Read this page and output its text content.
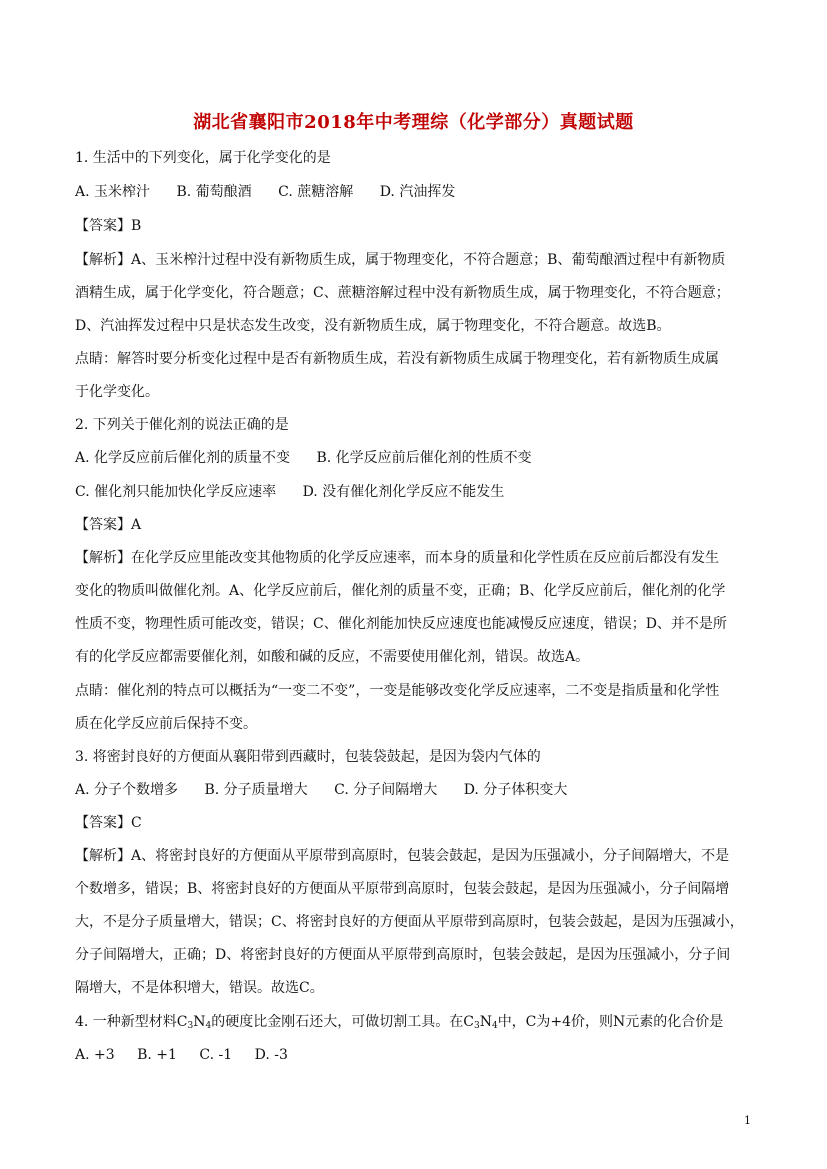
湖北省襄阳市2018年中考理综（化学部分）真题试题
1. 生活中的下列变化，属于化学变化的是
A. 玉米榨汁 B. 葡萄酿酒 C. 蔗糖溶解 D. 汽油挥发
【答案】B
【解析】A、玉米榨汁过程中没有新物质生成，属于物理变化，不符合题意；B、葡萄酿酒过程中有新物质
酒精生成，属于化学变化，符合题意；C、蔗糖溶解过程中没有新物质生成，属于物理变化，不符合题意；
D、汽油挥发过程中只是状态发生改变，没有新物质生成，属于物理变化，不符合题意。故选B。
点睛：解答时要分析变化过程中是否有新物质生成，若没有新物质生成属于物理变化，若有新物质生成属
于化学变化。
2. 下列关于催化剂的说法正确的是
A. 化学反应前后催化剂的质量不变 B. 化学反应前后催化剂的性质不变
C. 催化剂只能加快化学反应速率 D. 没有催化剂化学反应不能发生
【答案】A
【解析】在化学反应里能改变其他物质的化学反应速率，而本身的质量和化学性质在反应前后都没有发生
变化的物质叫做催化剂。A、化学反应前后，催化剂的质量不变，正确；B、化学反应前后，催化剂的化学
性质不变，物理性质可能改变，错误；C、催化剂能加快反应速度也能减慢反应速度，错误；D、并不是所
有的化学反应都需要催化剂，如酸和碱的反应，不需要使用催化剂，错误。故选A。
点睛：催化剂的特点可以概括为“一变二不变”，一变是能够改变化学反应速率，二不变是指质量和化学性
质在化学反应前后保持不变。
3. 将密封良好的方便面从襄阳带到西藏时，包装袋鼓起，是因为袋内气体的
A. 分子个数增多 B. 分子质量增大 C. 分子间隔增大 D. 分子体积变大
【答案】C
【解析】A、将密封良好的方便面从平原带到高原时，包装会鼓起，是因为压强减小，分子间隔增大，不是
个数增多，错误；B、将密封良好的方便面从平原带到高原时，包装会鼓起，是因为压强减小，分子间隔增
大，不是分子质量增大，错误；C、将密封良好的方便面从平原带到高原时，包装会鼓起，是因为压强减小，
分子间隔增大，正确；D、将密封良好的方便面从平原带到高原时，包装会鼓起，是因为压强减小，分子间
隔增大，不是体积增大，错误。故选C。
4. 一种新型材料$C_3N_4$的硬度比金刚石还大，可做切割工具。在$C_3N_4$中，C为+4价，则N元素的化合价是
A. +3 B. +1 C. -1 D. -3
1
